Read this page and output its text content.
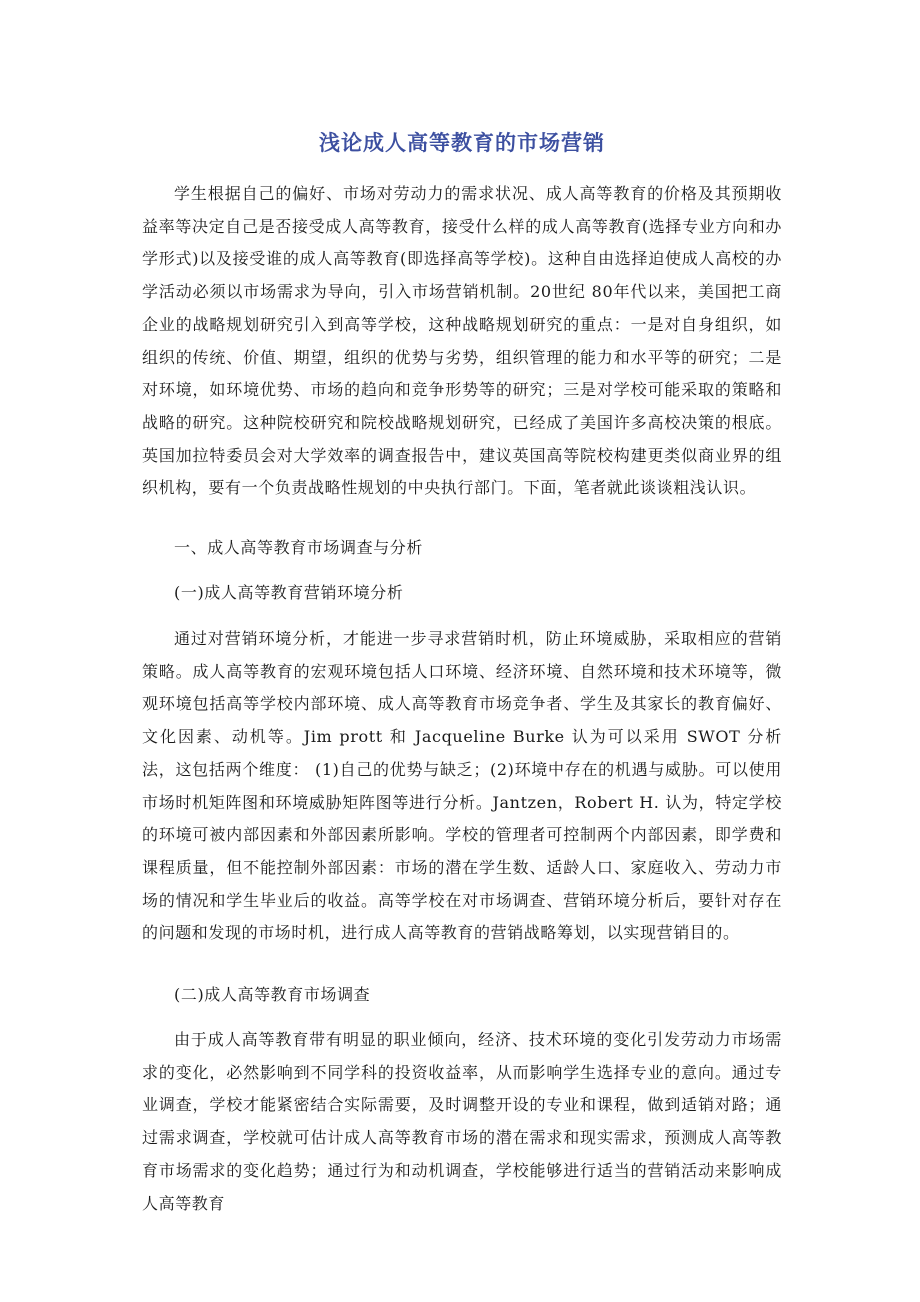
浅论成人高等教育的市场营销

学生根据自己的偏好、市场对劳动力的需求状况、成人高等教育的价格及其预期收益率等决定自己是否接受成人高等教育，接受什么样的成人高等教育(选择专业方向和办学形式)以及接受谁的成人高等教育(即选择高等学校)。这种自由选择迫使成人高校的办学活动必须以市场需求为导向，引入市场营销机制。20世纪 80年代以来，美国把工商企业的战略规划研究引入到高等学校，这种战略规划研究的重点：一是对自身组织，如组织的传统、价值、期望，组织的优势与劣势，组织管理的能力和水平等的研究；二是对环境，如环境优势、市场的趋向和竞争形势等的研究；三是对学校可能采取的策略和战略的研究。这种院校研究和院校战略规划研究，已经成了美国许多高校决策的根底。英国加拉特委员会对大学效率的调查报告中，建议英国高等院校构建更类似商业界的组织机构，要有一个负责战略性规划的中央执行部门。下面，笔者就此谈谈粗浅认识。

一、成人高等教育市场调查与分析

(一)成人高等教育营销环境分析

通过对营销环境分析，才能进一步寻求营销时机，防止环境威胁，采取相应的营销策略。成人高等教育的宏观环境包括人口环境、经济环境、自然环境和技术环境等，微观环境包括高等学校内部环境、成人高等教育市场竞争者、学生及其家长的教育偏好、文化因素、动机等。Jim prott 和 Jacqueline Burke 认为可以采用 SWOT 分析法，这包括两个维度： (1)自己的优势与缺乏；(2)环境中存在的机遇与威胁。可以使用市场时机矩阵图和环境威胁矩阵图等进行分析。Jantzen，Robert H. 认为，特定学校的环境可被内部因素和外部因素所影响。学校的管理者可控制两个内部因素，即学费和课程质量，但不能控制外部因素：市场的潜在学生数、适龄人口、家庭收入、劳动力市场的情况和学生毕业后的收益。高等学校在对市场调查、营销环境分析后，要针对存在的问题和发现的市场时机，进行成人高等教育的营销战略筹划，以实现营销目的。

(二)成人高等教育市场调查

由于成人高等教育带有明显的职业倾向，经济、技术环境的变化引发劳动力市场需求的变化，必然影响到不同学科的投资收益率，从而影响学生选择专业的意向。通过专业调查，学校才能紧密结合实际需要，及时调整开设的专业和课程，做到适销对路；通过需求调查，学校就可估计成人高等教育市场的潜在需求和现实需求，预测成人高等教育市场需求的变化趋势；通过行为和动机调查，学校能够进行适当的营销活动来影响成人高等教育
